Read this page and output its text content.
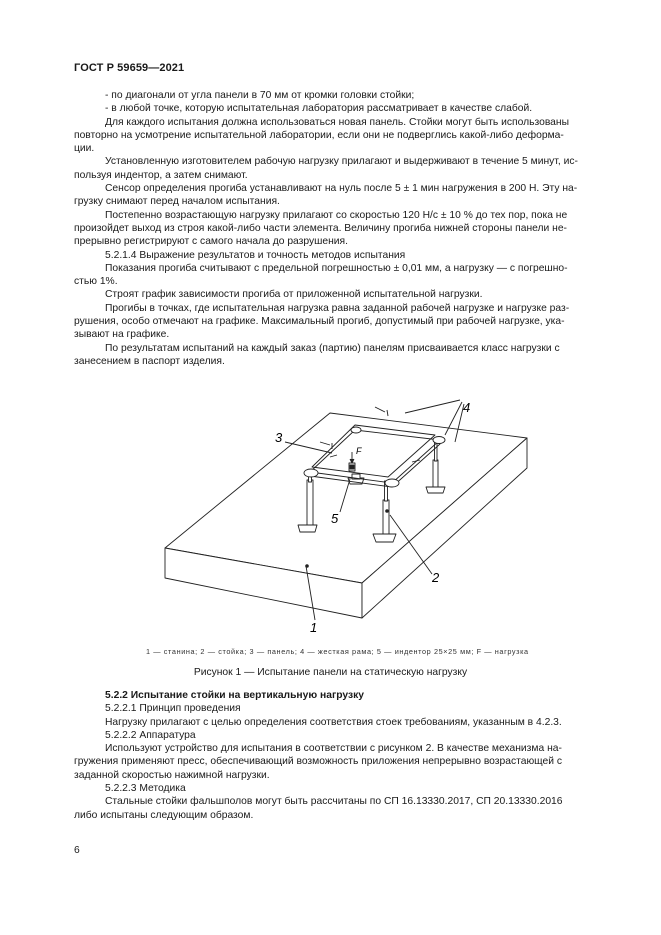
ГОСТ Р 59659—2021

- по диагонали от угла панели в 70 мм от кромки головки стойки;

- в любой точке, которую испытательная лаборатория рассматривает в качестве слабой.

Для каждого испытания должна использоваться новая панель. Стойки могут быть использованы

повторно на усмотрение испытательной лаборатории, если они не подверглись какой-либо деформа-
ции.

Установленную изготовителем рабочую нагрузку прилагают и выдерживают в течение 5 минут, ис-

пользуя индентор, а затем снимают.

Сенсор определения прогиба устанавливают на нуль после 5 ± 1 мин нагружения в 200 Н. Эту на-

грузку снимают перед началом испытания.

Постепенно возрастающую нагрузку прилагают со скоростью 120 Н/с ± 10 % до тех пор, пока не

произойдет выход из строя какой-либо части элемента. Величину прогиба нижней стороны панели не-
прерывно регистрируют с самого начала до разрушения.

5.2.1.4 Выражение результатов и точность методов испытания

Показания прогиба считывают с предельной погрешностью ± 0,01 мм, а нагрузку — с погрешно-

стью 1%.

Строят график зависимости прогиба от приложенной испытательной нагрузки.

Прогибы в точках, где испытательная нагрузка равна заданной рабочей нагрузке и нагрузке раз-

рушения, особо отмечают на графике. Максимальный прогиб, допустимый при рабочей нагрузке, ука-
зывают на графике.

По результатам испытаний на каждый заказ (партию) панелям присваивается класс нагрузки с

занесением в паспорт изделия.

1
2
3
4
5
F
1 — станина; 2 — стойка; 3 — панель; 4 — жесткая рама; 5 — индентор 25×25 мм; F — нагрузка
Рисунок 1 — Испытание панели на статическую нагрузку

5.2.2 Испытание стойки на вертикальную нагрузку

5.2.2.1 Принцип проведения

Нагрузку прилагают с целью определения соответствия стоек требованиям, указанным в 4.2.3.

5.2.2.2 Аппаратура

Используют устройство для испытания в соответствии с рисунком 2. В качестве механизма на-

гружения применяют пресс, обеспечивающий возможность приложения непрерывно возрастающей с
заданной скоростью нажимной нагрузки.

5.2.2.3 Методика

Стальные стойки фальшполов могут быть рассчитаны по СП 16.13330.2017, СП 20.13330.2016

либо испытаны следующим образом.

6
